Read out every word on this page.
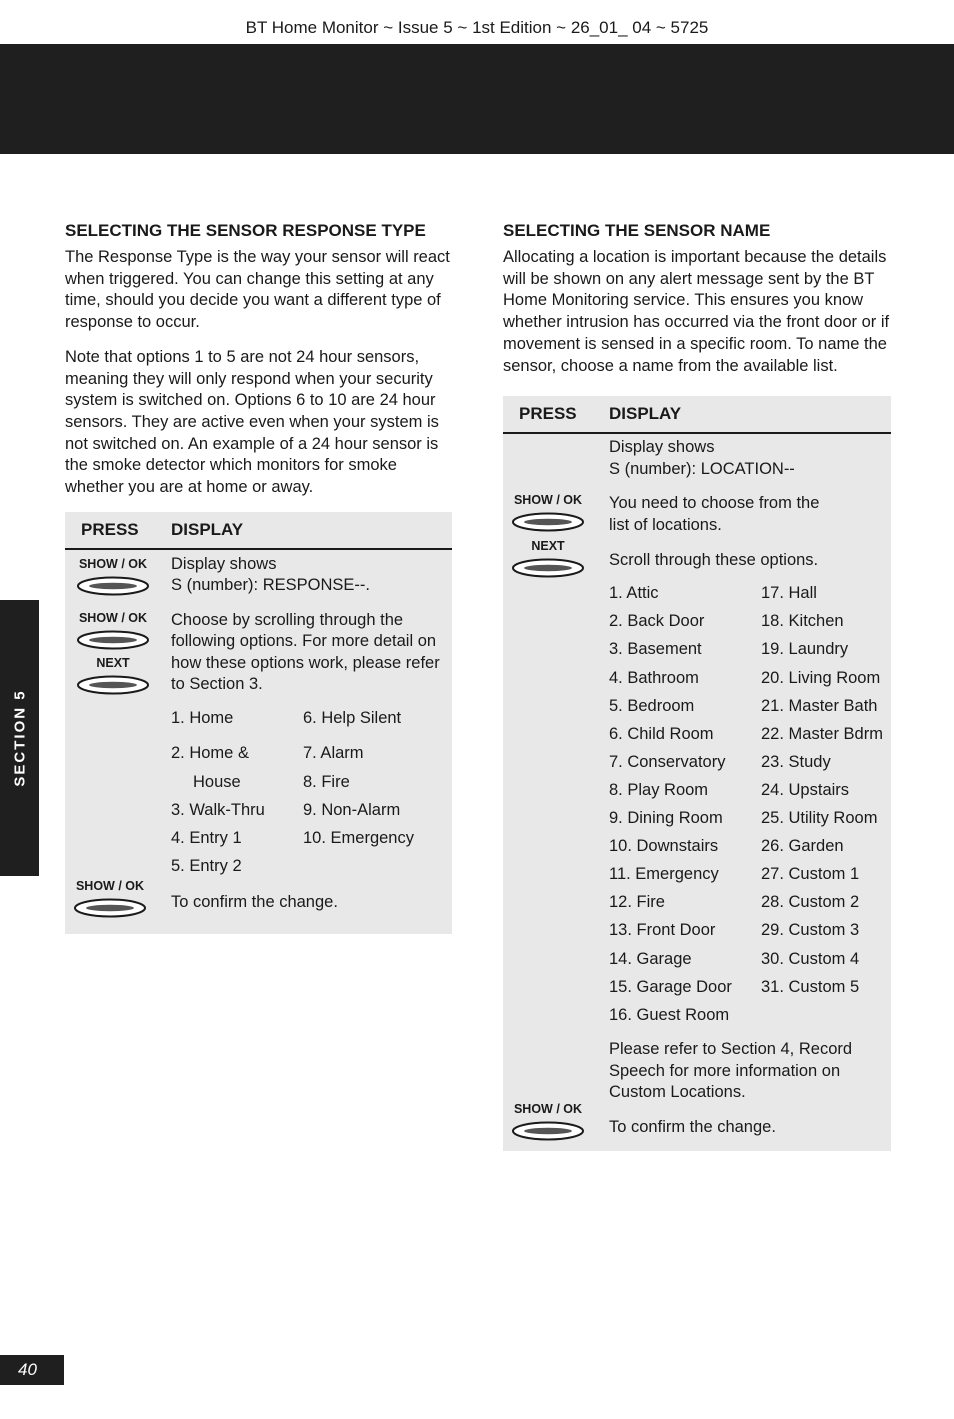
BT Home Monitor ~ Issue 5 ~ 1st Edition ~ 26_01_ 04 ~ 5725
SECTION 5
40
SELECTING THE SENSOR RESPONSE TYPE

The Response Type is the way your sensor will react when triggered. You can change this setting at any time, should you decide you want a different type of response to occur.

Note that options 1 to 5 are not 24 hour sensors, meaning they will only respond when your security system is switched on. Options 6 to 10 are 24 hour sensors. They are active even when your system is not switched on. An example of a 24 hour sensor is the smoke detector which monitors for smoke whether you are at home or away.

PRESS DISPLAY
SHOW / OK
SHOW / OK
NEXT
SHOW / OK
Display shows
S (number): RESPONSE--.
Choose by scrolling through the following options. For more detail on how these options work, please refer to Section 3.
1. Home
2. Home &
House
3. Walk-Thru
4. Entry 1
5. Entry 2
6. Help Silent
7. Alarm
8. Fire
9. Non-Alarm
10. Emergency
To confirm the change.
SELECTING THE SENSOR NAME

Allocating a location is important because the details will be shown on any alert message sent by the BT Home Monitoring service. This ensures you know whether intrusion has occurred via the front door or if movement is sensed in a specific room. To name the sensor, choose a name from the available list.

PRESS DISPLAY
SHOW / OK
NEXT
SHOW / OK
Display shows
S (number): LOCATION--
You need to choose from the
list of locations.
Scroll through these options.
1. Attic
2. Back Door
3. Basement
4. Bathroom
5. Bedroom
6. Child Room
7. Conservatory
8. Play Room
9. Dining Room
10. Downstairs
11. Emergency
12. Fire
13. Front Door
14. Garage
15. Garage Door
16. Guest Room
17. Hall
18. Kitchen
19. Laundry
20. Living Room
21. Master Bath
22. Master Bdrm
23. Study
24. Upstairs
25. Utility Room
26. Garden
27. Custom 1
28. Custom 2
29. Custom 3
30. Custom 4
31. Custom 5
Please refer to Section 4, Record Speech for more information on Custom Locations.
To confirm the change.
